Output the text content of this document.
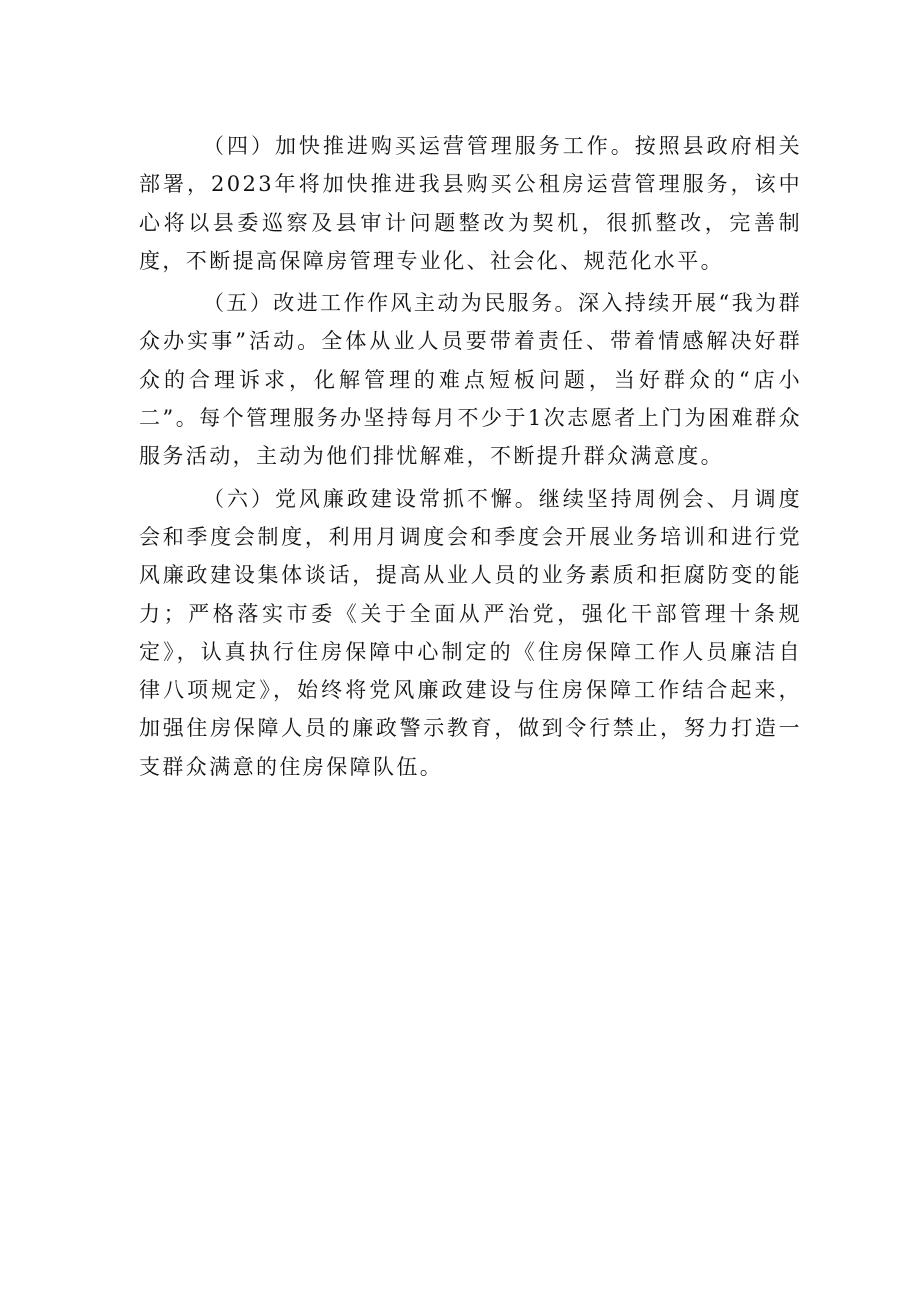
（四）加快推进购买运营管理服务工作。按照县政府相关部署，2023年将加快推进我县购买公租房运营管理服务，该中心将以县委巡察及县审计问题整改为契机，很抓整改，完善制度，不断提高保障房管理专业化、社会化、规范化水平。

（五）改进工作作风主动为民服务。深入持续开展“我为群众办实事”活动。全体从业人员要带着责任、带着情感解决好群众的合理诉求，化解管理的难点短板问题，当好群众的“店小二”。每个管理服务办坚持每月不少于1次志愿者上门为困难群众服务活动，主动为他们排忧解难，不断提升群众满意度。

（六）党风廉政建设常抓不懈。继续坚持周例会、月调度会和季度会制度，利用月调度会和季度会开展业务培训和进行党风廉政建设集体谈话，提高从业人员的业务素质和拒腐防变的能力；严格落实市委《关于全面从严治党，强化干部管理十条规定》，认真执行住房保障中心制定的《住房保障工作人员廉洁自律八项规定》，始终将党风廉政建设与住房保障工作结合起来，加强住房保障人员的廉政警示教育，做到令行禁止，努力打造一支群众满意的住房保障队伍。
